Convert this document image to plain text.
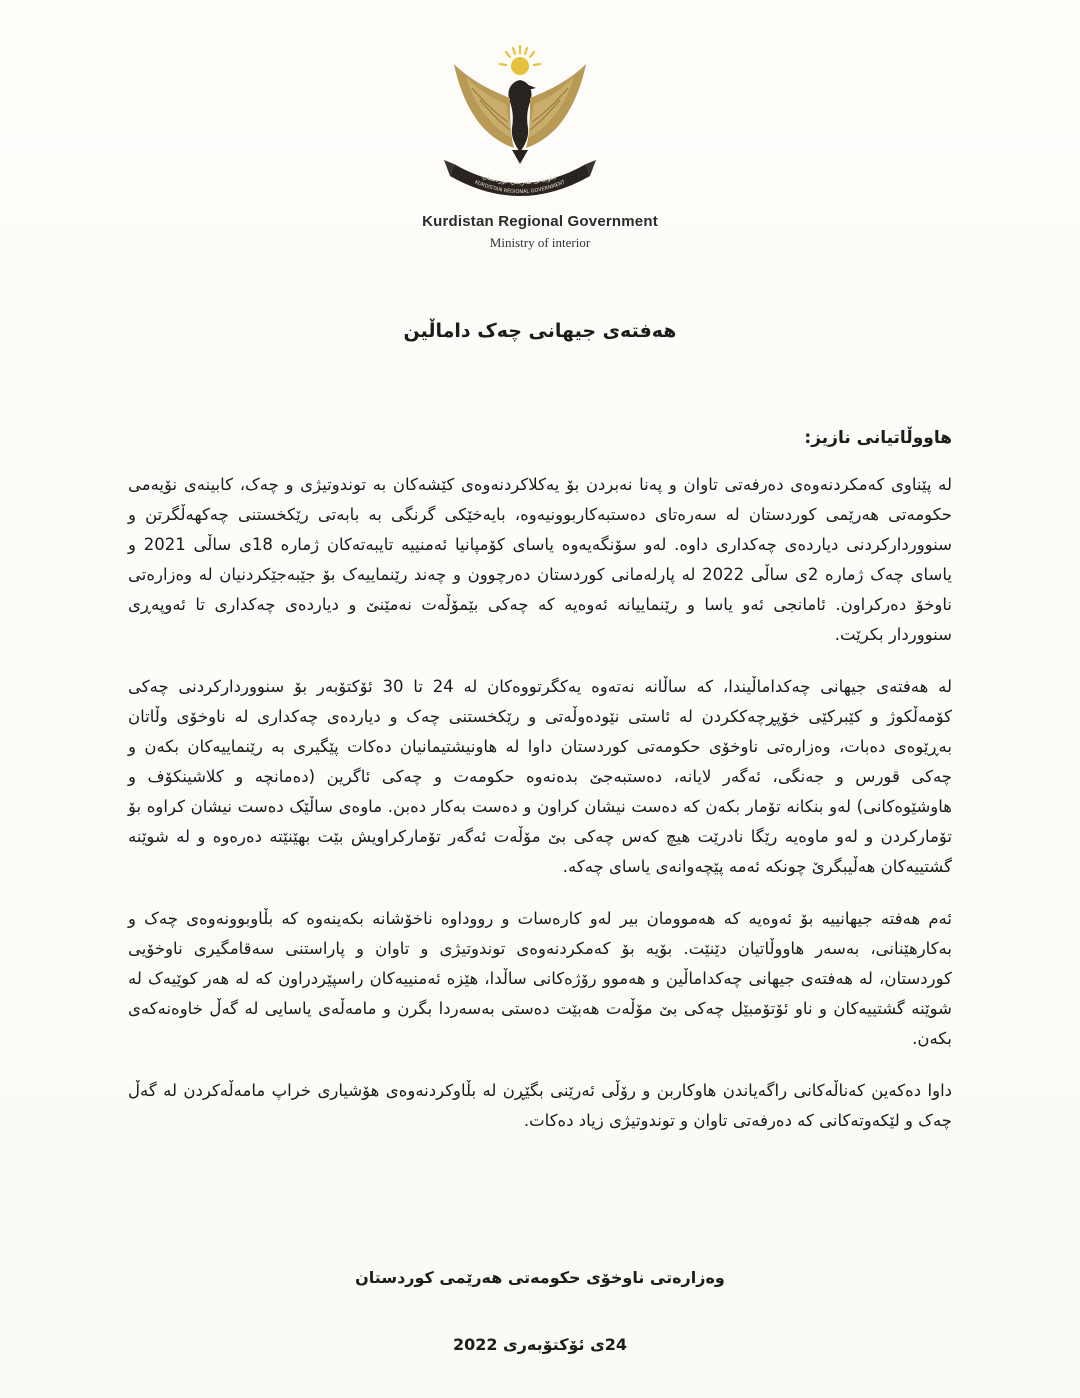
حکومەتی هەرێمی کوردستان
KURDISTAN REGIONAL GOVERNMENT
Kurdistan Regional Government
Ministry of interior
هەفتەی جیهانی چەک داماڵین
هاووڵاتیانی نازیز:

لە پێناوی کەمکردنەوەی دەرفەتی تاوان و پەنا نەبردن بۆ یەکلاکردنەوەی کێشەکان بە توندوتیژی و چەک، کابینەی نۆیەمی حکومەتی هەرێمی کوردستان لە سەرەتای دەستبەکاربوونیەوە، بایەخێکی گرنگی بە بابەتی رێکخستنی چەکهەڵگرتن و سنووردارکردنی دیاردەی چەکداری داوە. لەو سۆنگەیەوە یاسای کۆمپانیا ئەمنییە تایبەتەکان ژمارە 18ی ساڵی 2021 و یاسای چەک ژمارە 2ی ساڵی 2022 لە پارلەمانی کوردستان دەرچوون و چەند رێنماییەک بۆ جێبەجێکردنیان لە وەزارەتی ناوخۆ دەرکراون. ئامانجی ئەو یاسا و رێنماییانە ئەوەیە کە چەکی بێمۆڵەت نەمێنێ و دیاردەی چەکداری تا ئەوپەڕی سنووردار بکرێت.

لە هەفتەی جیهانی چەکداماڵیندا، کە ساڵانە نەتەوە یەکگرتووەکان لە 24 تا 30 ئۆکتۆبەر بۆ سنووردارکردنی چەکی کۆمەڵکوژ و کێبرکێی خۆپڕچەککردن لە ئاستی نێودەوڵەتی و رێکخستنی چەک و دیاردەی چەکداری لە ناوخۆی وڵاتان بەڕێوەی دەبات، وەزارەتی ناوخۆی حکومەتی کوردستان داوا لە هاونیشتیمانیان دەکات پێگیری بە رێنماییەکان بکەن و چەکی قورس و جەنگی، ئەگەر لایانە، دەستبەجێ بدەنەوە حکومەت و چەکی ئاگرین (دەمانچە و کلاشینکۆف و هاوشێوەکانی) لەو بنکانە تۆمار بکەن کە دەست نیشان کراون و دەست بەکار دەبن. ماوەی ساڵێک دەست نیشان کراوە بۆ تۆمارکردن و لەو ماوەیە رێگا نادرێت هیچ کەس چەکی بێ مۆڵەت ئەگەر تۆمارکراویش بێت بهێنێتە دەرەوە و لە شوێنە گشتییەکان هەڵیبگرێ چونکە ئەمە پێچەوانەی یاسای چەکە.

ئەم هەفتە جیهانییە بۆ ئەوەیە کە هەموومان بیر لەو کارەسات و رووداوە ناخۆشانە بکەینەوە کە بڵاوبوونەوەی چەک و بەکارهێنانی، بەسەر هاووڵاتیان دێنێت. بۆیە بۆ کەمکردنەوەی توندوتیژی و تاوان و پاراستنی سەقامگیری ناوخۆیی کوردستان، لە هەفتەی جیهانی چەکداماڵین و هەموو رۆژەکانی ساڵدا، هێزە ئەمنییەکان راسپێردراون کە لە هەر کوێیەک لە شوێنە گشتییەکان و ناو ئۆتۆمبێل چەکی بێ مۆڵەت هەبێت دەستی بەسەردا بگرن و مامەڵەی یاسایی لە گەڵ خاوەنەکەی بکەن.

داوا دەکەین کەناڵەکانی راگەیاندن هاوکاربن و رۆڵی ئەرێنی بگێڕن لە بڵاوکردنەوەی هۆشیاری خراپ مامەڵەکردن لە گەڵ چەک و لێکەوتەکانی کە دەرفەتی تاوان و توندوتیژی زیاد دەکات.

وەزارەتی ناوخۆی حکومەتی هەرێمی کوردستان
24ی ئۆکتۆبەری 2022
